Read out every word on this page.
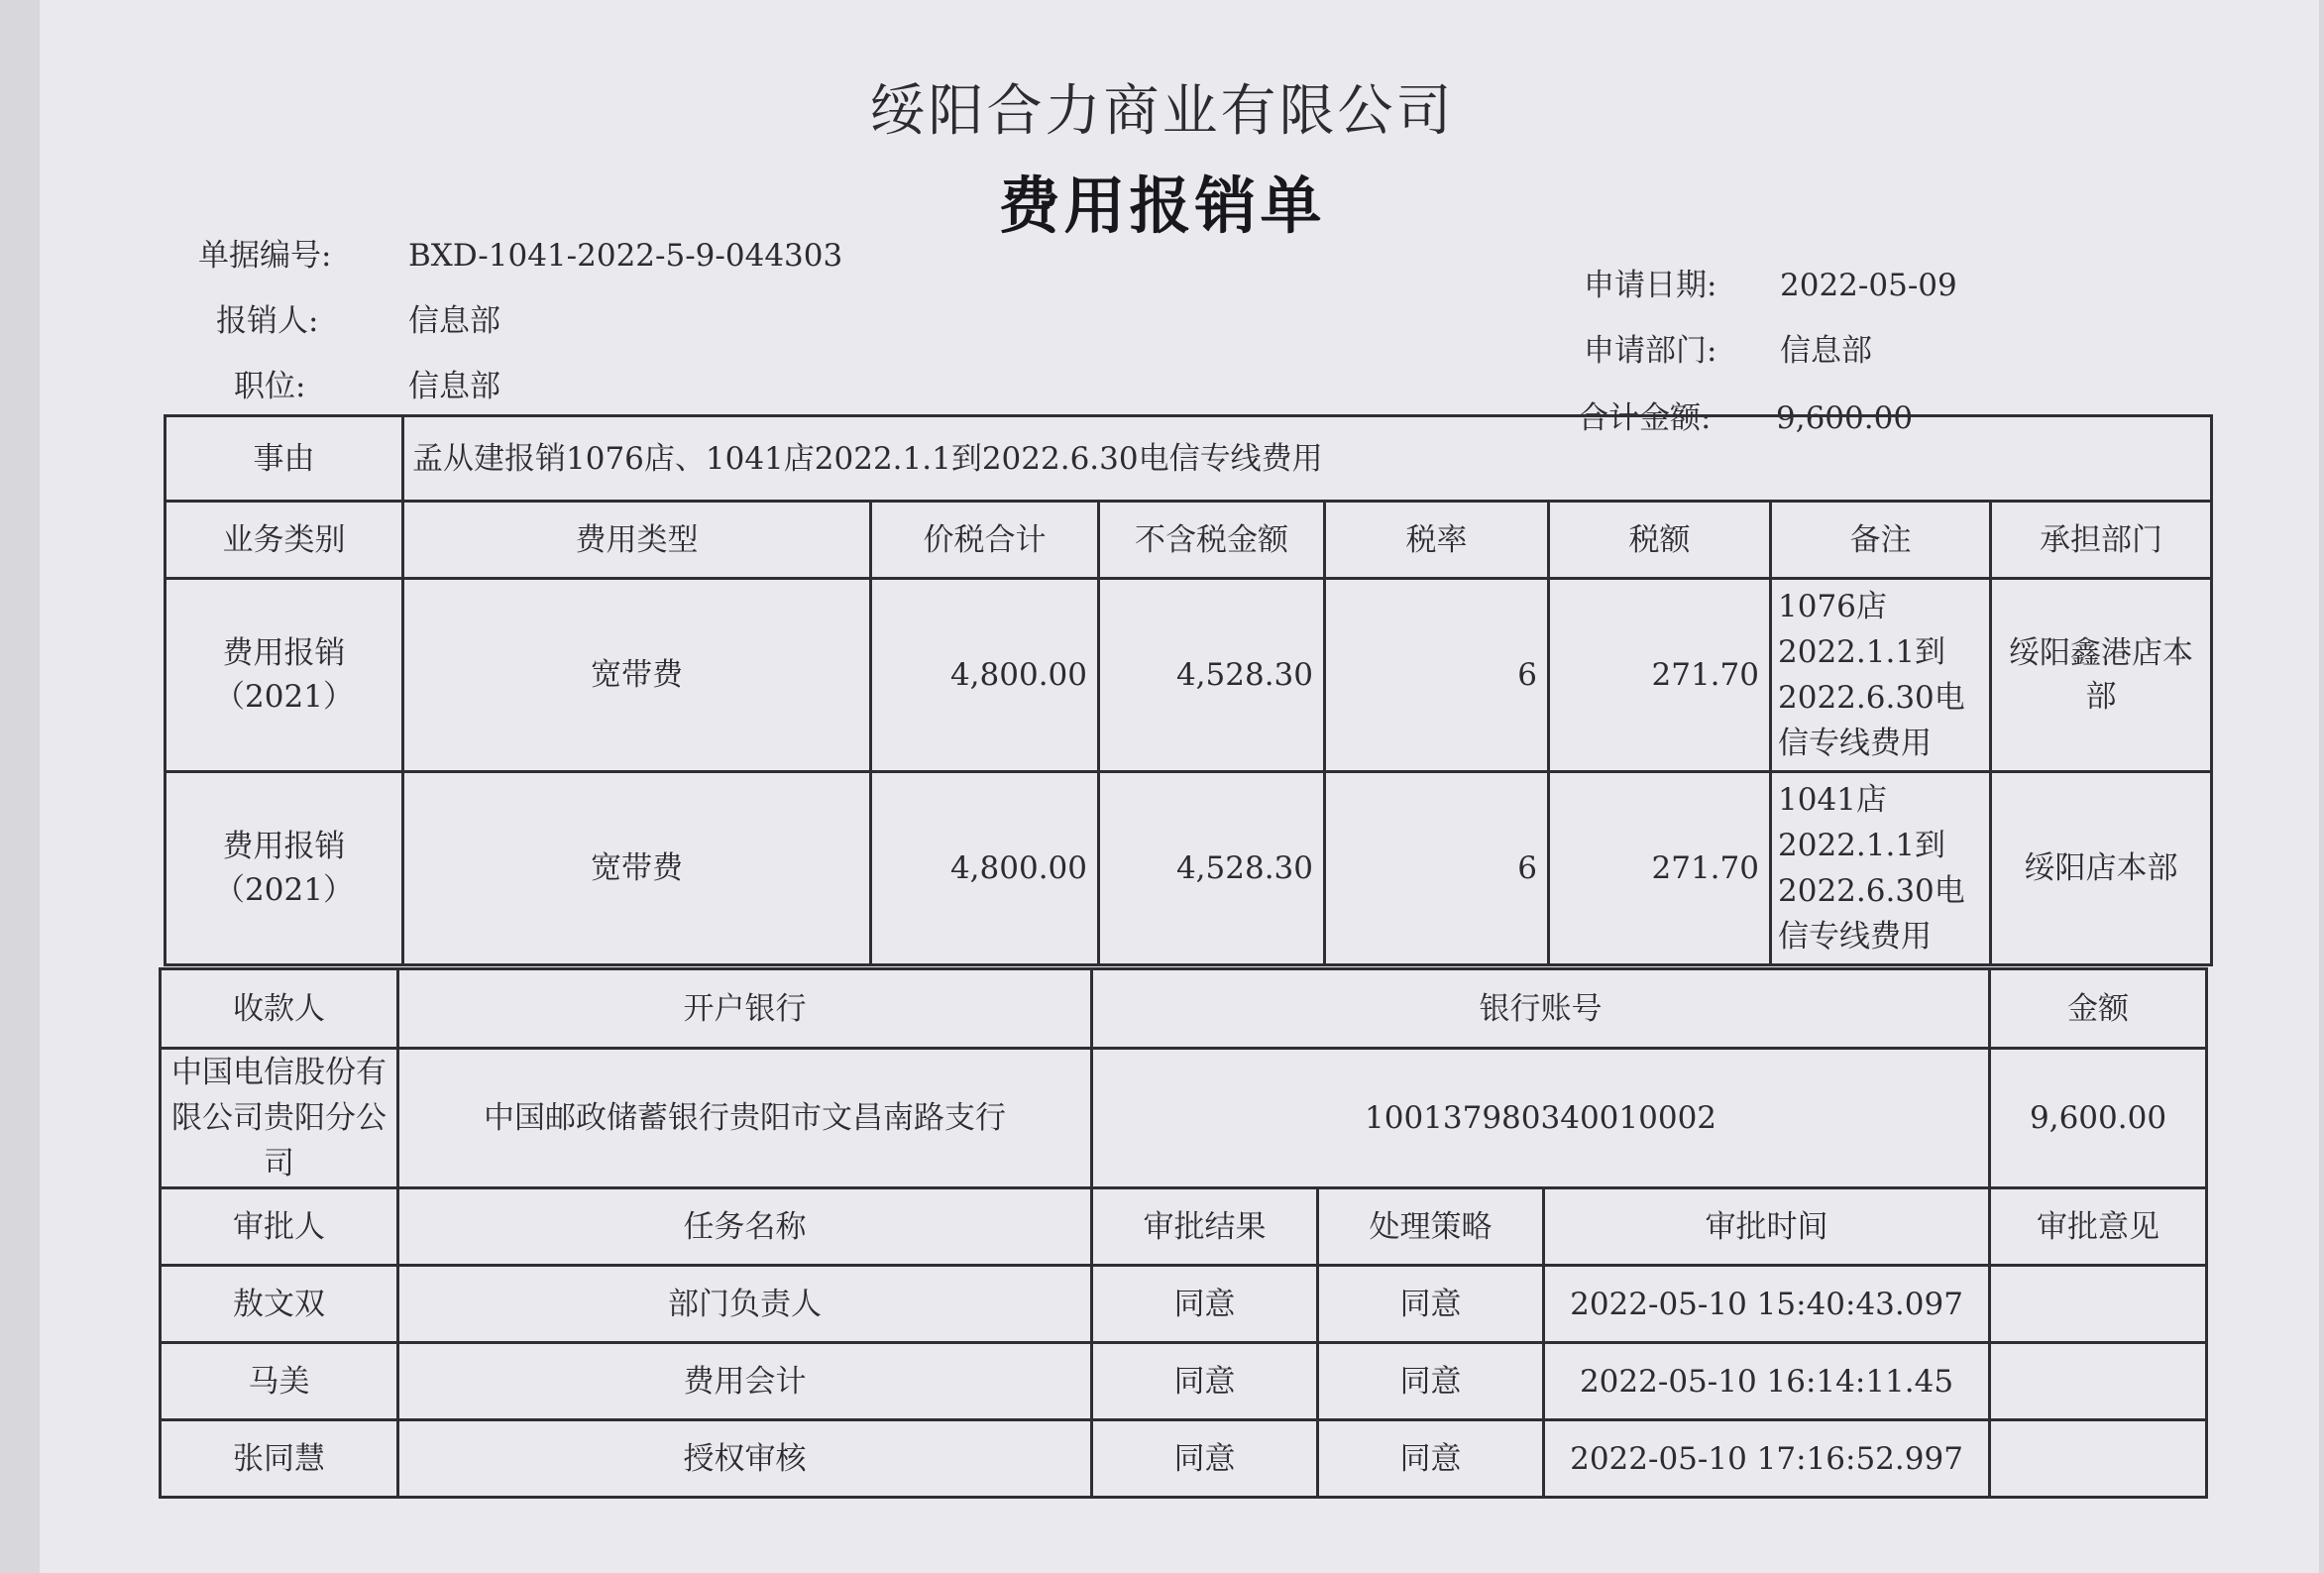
绥阳合力商业有限公司
费用报销单
单据编号:	BXD-1041-2022-5-9-044303
报销人:	信息部
职位:	信息部
申请日期: 2022-05-09
申请部门: 信息部
合计金额: 9,600.00
事由	孟从建报销1076店、1041店2022.1.1到2022.6.30电信专线费用						
业务类别	费用类型	价税合计	不含税金额	税率	税额	备注	承担部门
费用报销（2021）	宽带费	4,800.00	4,528.30	6	271.70	1076店2022.1.1到2022.6.30电信专线费用	绥阳鑫港店本部
费用报销（2021）	宽带费	4,800.00	4,528.30	6	271.70	1041店2022.1.1到2022.6.30电信专线费用	绥阳店本部
收款人	开户银行	银行账号			金额
中国电信股份有限公司贵阳分公司	中国邮政储蓄银行贵阳市文昌南路支行	100137980340010002			9,600.00
审批人	任务名称	审批结果	处理策略	审批时间	审批意见
敖文双	部门负责人	同意	同意	2022-05-10 15:40:43.097	
马美	费用会计	同意	同意	2022-05-10 16:14:11.45	
张同慧	授权审核	同意	同意	2022-05-10 17:16:52.997	
